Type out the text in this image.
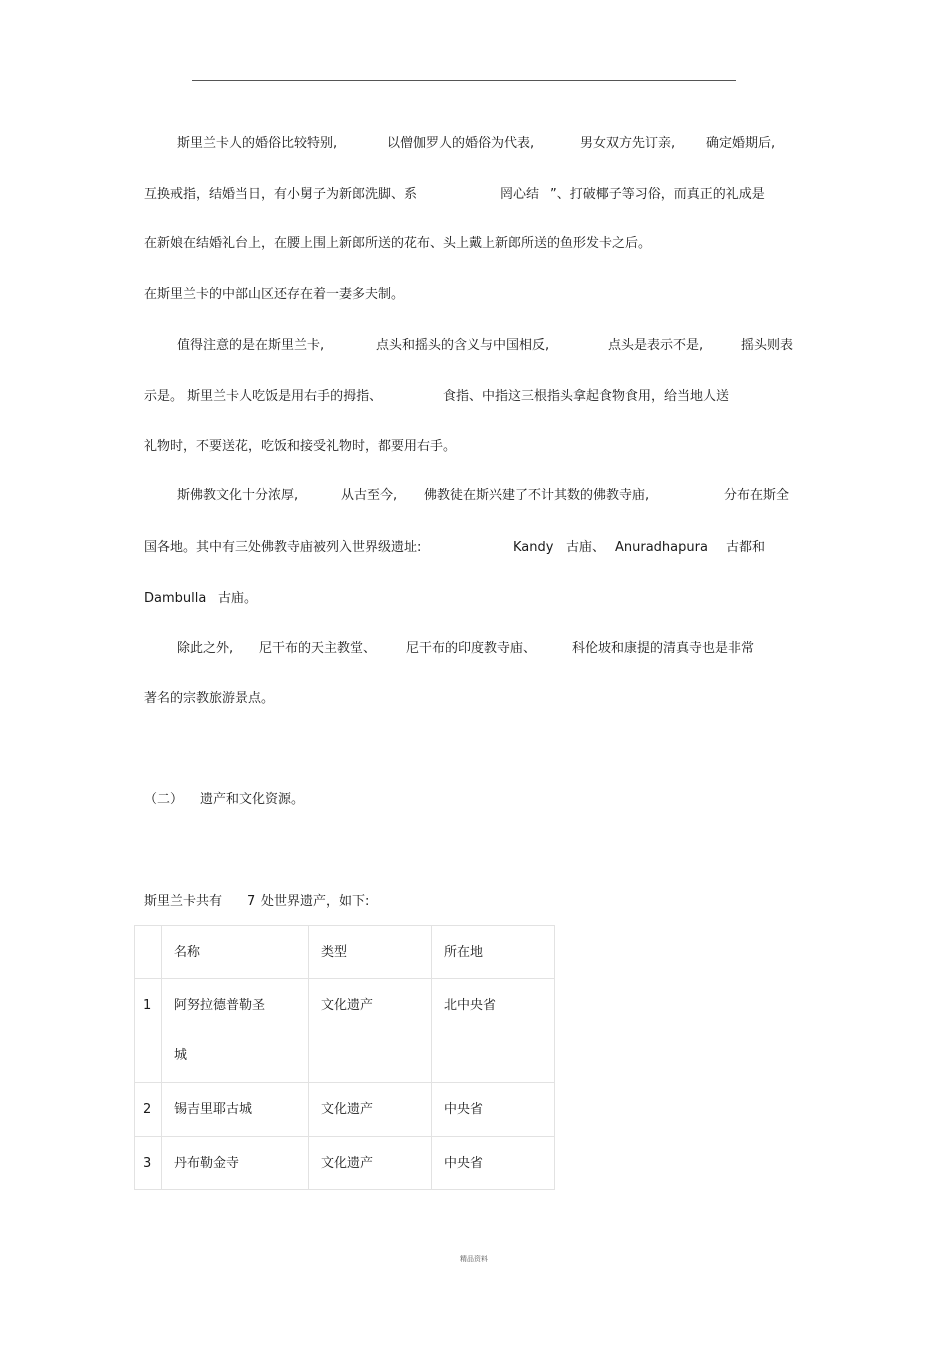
斯里兰卡人的婚俗比较特别,	以僧伽罗人的婚俗为代表,	男女双方先订亲, 确定婚期后,
互换戒指，结婚当日，有小舅子为新郎洗脚、系	罔心结 ”、打破椰子等习俗，而真正的礼成是
在新娘在结婚礼台上，在腰上围上新郎所送的花布、头上戴上新郎所送的鱼形发卡之后。
在斯里兰卡的中部山区还存在着一妻多夫制。
值得注意的是在斯里兰卡,	点头和摇头的含义与中国相反,	点头是表示不是,	摇头则表
示是。 斯里兰卡人吃饭是用右手的拇指、	食指、中指这三根指头拿起食物食用，给当地人送
礼物时，不要送花，吃饭和接受礼物时，都要用右手。
斯佛教文化十分浓厚,	从古至今, 佛教徒在斯兴建了不计其数的佛教寺庙,	分布在斯全
国各地。其中有三处佛教寺庙被列入世界级遗址:	Kandy 古庙、 Anuradhapura 古都和
Dambulla 古庙。
除此之外, 尼干布的天主教堂、 尼干布的印度教寺庙、	科伦坡和康提的清真寺也是非常
著名的宗教旅游景点。
（二） 遗产和文化资源。
斯里兰卡共有 7 处世界遗产，如下:

	名称	类型	所在地

1	阿努拉德普勒圣
城	文化遗产	北中央省

2	锡吉里耶古城	文化遗产	中央省

3	丹布勒金寺	文化遗产	中央省
精品资料
